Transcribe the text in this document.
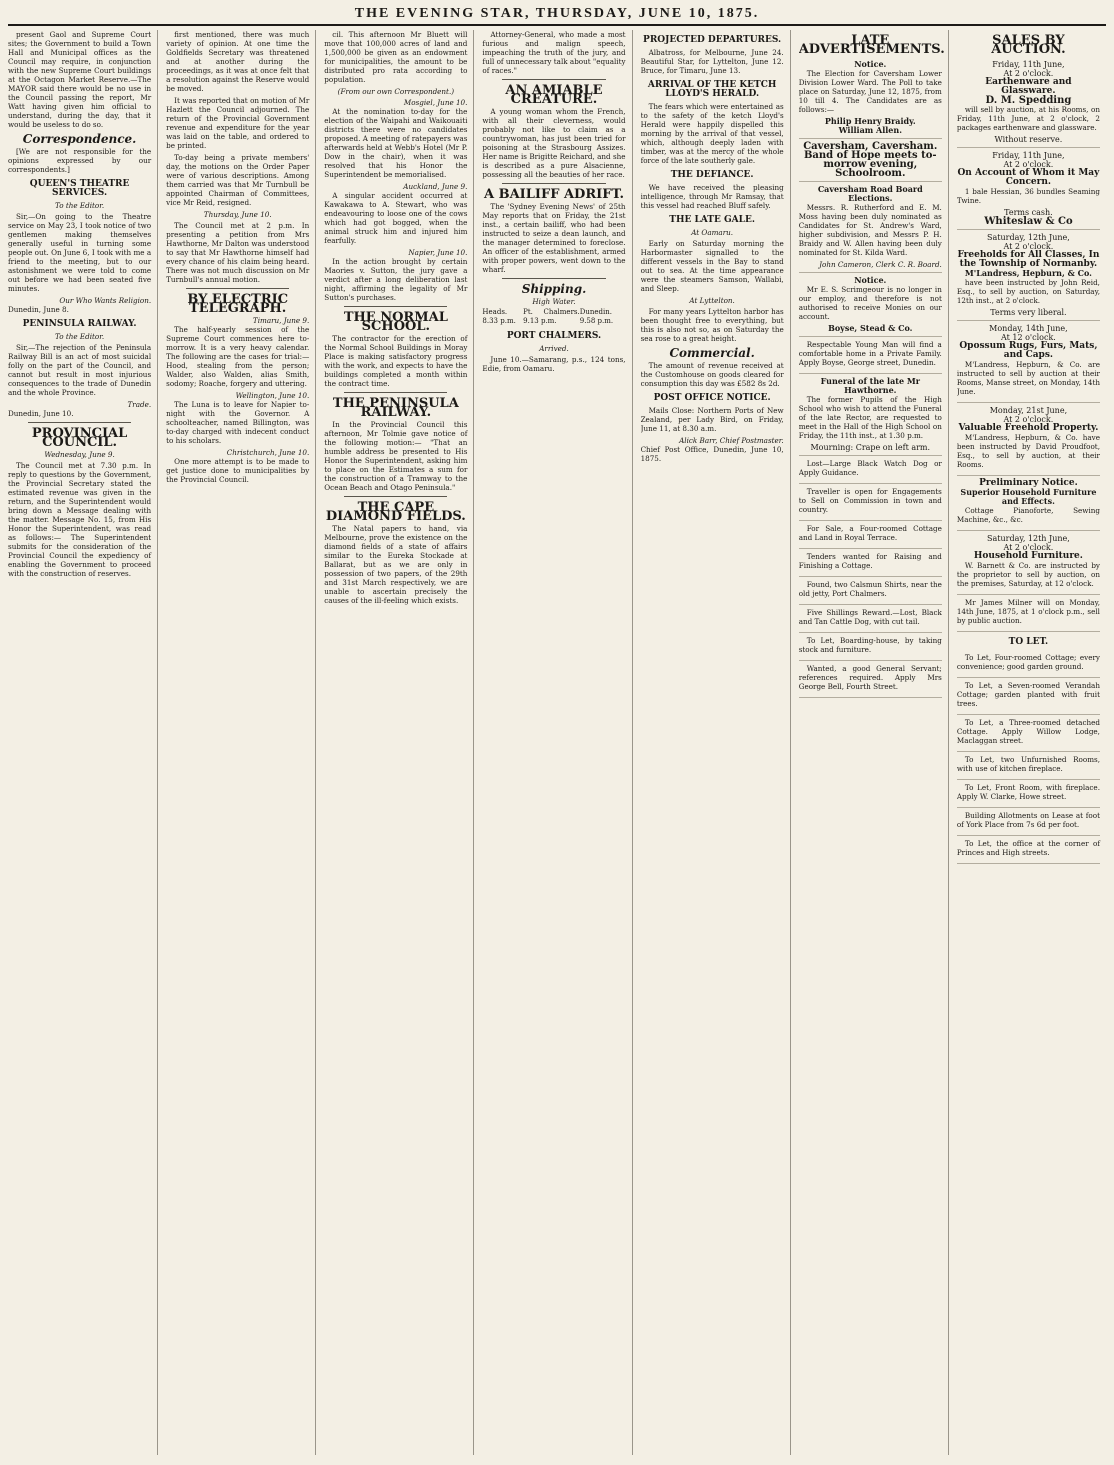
THE EVENING STAR, THURSDAY, JUNE 10, 1875.

present Gaol and Supreme Court sites; the Government to build a Town Hall and Municipal offices as the Council may require, in conjunction with the new Supreme Court buildings at the Octagon Market Reserve.—The MAYOR said there would be no use in the Council passing the report, Mr Watt having given him official to understand, during the day, that it would be useless to do so.

Correspondence.

[We are not responsible for the opinions expressed by our correspondents.]

QUEEN'S THEATRE SERVICES.
To the Editor.

Sir,—On going to the Theatre service on May 23, I took notice of two gentlemen making themselves generally useful in turning some people out. On June 6, I took with me a friend to the meeting, but to our astonishment we were told to come out before we had been seated five minutes.

Our Who Wants Religion.
Dunedin, June 8.
PENINSULA RAILWAY.
To the Editor.

Sir,—The rejection of the Peninsula Railway Bill is an act of most suicidal folly on the part of the Council, and cannot but result in most injurious consequences to the trade of Dunedin and the whole Province.

Trade.
Dunedin, June 10.
PROVINCIAL COUNCIL.
Wednesday, June 9.

The Council met at 7.30 p.m. In reply to questions by the Government, the Provincial Secretary stated the estimated revenue was given in the return, and the Superintendent would bring down a Message dealing with the matter. Message No. 15, from His Honor the Superintendent, was read as follows:— The Superintendent submits for the consideration of the Provincial Council the expediency of enabling the Government to proceed with the construction of reserves.

first mentioned, there was much variety of opinion. At one time the Goldfields Secretary was threatened and at another during the proceedings, as it was at once felt that a resolution against the Reserve would be moved.

It was reported that on motion of Mr Hazlett the Council adjourned. The return of the Provincial Government revenue and expenditure for the year was laid on the table, and ordered to be printed.

To-day being a private members' day, the motions on the Order Paper were of various descriptions. Among them carried was that Mr Turnbull be appointed Chairman of Committees, vice Mr Reid, resigned.

Thursday, June 10.

The Council met at 2 p.m. In presenting a petition from Mrs Hawthorne, Mr Dalton was understood to say that Mr Hawthorne himself had every chance of his claim being heard. There was not much discussion on Mr Turnbull's annual motion.

BY ELECTRIC TELEGRAPH.
Timaru, June 9.

The half-yearly session of the Supreme Court commences here to-morrow. It is a very heavy calendar. The following are the cases for trial:—Hood, stealing from the person; Walder, also Walden, alias Smith, sodomy; Roache, forgery and uttering.

Wellington, June 10.

The Luna is to leave for Napier to-night with the Governor. A schoolteacher, named Billington, was to-day charged with indecent conduct to his scholars.

Christchurch, June 10.

One more attempt is to be made to get justice done to municipalities by the Provincial Council.

cil. This afternoon Mr Bluett will move that 100,000 acres of land and 1,500,000 be given as an endowment for municipalities, the amount to be distributed pro rata according to population.

(From our own Correspondent.)
Mosgiel, June 10.

At the nomination to-day for the election of the Waipahi and Waikouaiti districts there were no candidates proposed. A meeting of ratepayers was afterwards held at Webb's Hotel (Mr P. Dow in the chair), when it was resolved that his Honor the Superintendent be memorialised.

Auckland, June 9.

A singular accident occurred at Kawakawa to A. Stewart, who was endeavouring to loose one of the cows which had got bogged, when the animal struck him and injured him fearfully.

Napier, June 10.

In the action brought by certain Maories v. Sutton, the jury gave a verdict after a long deliberation last night, affirming the legality of Mr Sutton's purchases.

THE NORMAL SCHOOL.

The contractor for the erection of the Normal School Buildings in Moray Place is making satisfactory progress with the work, and expects to have the buildings completed a month within the contract time.

THE PENINSULA RAILWAY.

In the Provincial Council this afternoon, Mr Tolmie gave notice of the following motion:— "That an humble address be presented to His Honor the Superintendent, asking him to place on the Estimates a sum for the construction of a Tramway to the Ocean Beach and Otago Peninsula."

THE CAPE DIAMOND FIELDS.

The Natal papers to hand, via Melbourne, prove the existence on the diamond fields of a state of affairs similar to the Eureka Stockade at Ballarat, but as we are only in possession of two papers, of the 29th and 31st March respectively, we are unable to ascertain precisely the causes of the ill-feeling which exists.

Attorney-General, who made a most furious and malign speech, impeaching the truth of the jury, and full of unnecessary talk about "equality of races."

AN AMIABLE CREATURE.

A young woman whom the French, with all their cleverness, would probably not like to claim as a countrywoman, has just been tried for poisoning at the Strasbourg Assizes. Her name is Brigitte Reichard, and she is described as a pure Alsacienne, possessing all the beauties of her race.

A BAILIFF ADRIFT.

The 'Sydney Evening News' of 25th May reports that on Friday, the 21st inst., a certain bailiff, who had been instructed to seize a dean launch, and the manager determined to foreclose. An officer of the establishment, armed with proper powers, went down to the wharf.

Shipping.
High Water.
Heads. 8.33 p.m.
Pt. Chalmers. 9.13 p.m.
Dunedin. 9.58 p.m.
PORT CHALMERS.
Arrived.

June 10.—Samarang, p.s., 124 tons, Edie, from Oamaru.

PROJECTED DEPARTURES.

Albatross, for Melbourne, June 24. Beautiful Star, for Lyttelton, June 12. Bruce, for Timaru, June 13.

ARRIVAL OF THE KETCH LLOYD'S HERALD.

The fears which were entertained as to the safety of the ketch Lloyd's Herald were happily dispelled this morning by the arrival of that vessel, which, although deeply laden with timber, was at the mercy of the whole force of the late southerly gale.

THE DEFIANCE.

We have received the pleasing intelligence, through Mr Ramsay, that this vessel had reached Bluff safely.

THE LATE GALE.
At Oamaru.

Early on Saturday morning the Harbormaster signalled to the different vessels in the Bay to stand out to sea. At the time appearance were the steamers Samson, Wallabi, and Sleep.

At Lyttelton.

For many years Lyttelton harbor has been thought free to everything, but this is also not so, as on Saturday the sea rose to a great height.

Commercial.

The amount of revenue received at the Customhouse on goods cleared for consumption this day was £582 8s 2d.

POST OFFICE NOTICE.

Mails Close: Northern Ports of New Zealand, per Lady Bird, on Friday, June 11, at 8.30 a.m.

Alick Barr, Chief Postmaster.
Chief Post Office, Dunedin, June 10, 1875.
LATE ADVERTISEMENTS.
Notice.

The Election for Caversham Lower Division Lower Ward. The Poll to take place on Saturday, June 12, 1875, from 10 till 4. The Candidates are as follows:—

Philip Henry Braidy.
William Allen.
Caversham, Caversham. Band of Hope meets to-morrow evening, Schoolroom.
Caversham Road Board Elections.

Messrs. R. Rutherford and E. M. Moss having been duly nominated as Candidates for St. Andrew's Ward, higher subdivision, and Messrs P. H. Braidy and W. Allen having been duly nominated for St. Kilda Ward.

John Cameron, Clerk C. R. Board.
Notice.

Mr E. S. Scrimgeour is no longer in our employ, and therefore is not authorised to receive Monies on our account.

Boyse, Stead & Co.

Respectable Young Man will find a comfortable home in a Private Family. Apply Boyse, George street, Dunedin.

Funeral of the late Mr Hawthorne.

The former Pupils of the High School who wish to attend the Funeral of the late Rector, are requested to meet in the Hall of the High School on Friday, the 11th inst., at 1.30 p.m.

Mourning: Crape on left arm.

Lost—Large Black Watch Dog or Apply Guidance.

Traveller is open for Engagements to Sell on Commission in town and country.

For Sale, a Four-roomed Cottage and Land in Royal Terrace.

Tenders wanted for Raising and Finishing a Cottage.

Found, two Calsmun Shirts, near the old jetty, Port Chalmers.

Five Shillings Reward.—Lost, Black and Tan Cattle Dog, with cut tail.

To Let, Boarding-house, by taking stock and furniture.

Wanted, a good General Servant; references required. Apply Mrs George Bell, Fourth Street.

SALES BY AUCTION.
Friday, 11th June,
At 2 o'clock.
Earthenware and Glassware.
D. M. Spedding

will sell by auction, at his Rooms, on Friday, 11th June, at 2 o'clock, 2 packages earthenware and glassware.

Without reserve.
Friday, 11th June,
At 2 o'clock.
On Account of Whom it May Concern.

1 bale Hessian, 36 bundles Seaming Twine.

Terms cash.
Whiteslaw & Co
Saturday, 12th June,
At 2 o'clock.
Freeholds for All Classes, In the Township of Normanby.
M'Landress, Hepburn, & Co.

have been instructed by John Reid, Esq., to sell by auction, on Saturday, 12th inst., at 2 o'clock.

Terms very liberal.
Monday, 14th June,
At 12 o'clock.
Opossum Rugs, Furs, Mats, and Caps.

M'Landress, Hepburn, & Co. are instructed to sell by auction at their Rooms, Manse street, on Monday, 14th June.

Monday, 21st June,
At 2 o'clock.
Valuable Freehold Property.

M'Landress, Hepburn, & Co. have been instructed by David Proudfoot, Esq., to sell by auction, at their Rooms.

Preliminary Notice.
Superior Household Furniture and Effects.

Cottage Pianoforte, Sewing Machine, &c., &c.

Saturday, 12th June,
At 2 o'clock.
Household Furniture.

W. Barnett & Co. are instructed by the proprietor to sell by auction, on the premises, Saturday, at 12 o'clock.

Mr James Milner will on Monday, 14th June, 1875, at 1 o'clock p.m., sell by public auction.

TO LET.

To Let, Four-roomed Cottage; every convenience; good garden ground.

To Let, a Seven-roomed Verandah Cottage; garden planted with fruit trees.

To Let, a Three-roomed detached Cottage. Apply Willow Lodge, Maclaggan street.

To Let, two Unfurnished Rooms, with use of kitchen fireplace.

To Let, Front Room, with fireplace. Apply W. Clarke, Howe street.

Building Allotments on Lease at foot of York Place from 7s 6d per foot.

To Let, the office at the corner of Princes and High streets.
